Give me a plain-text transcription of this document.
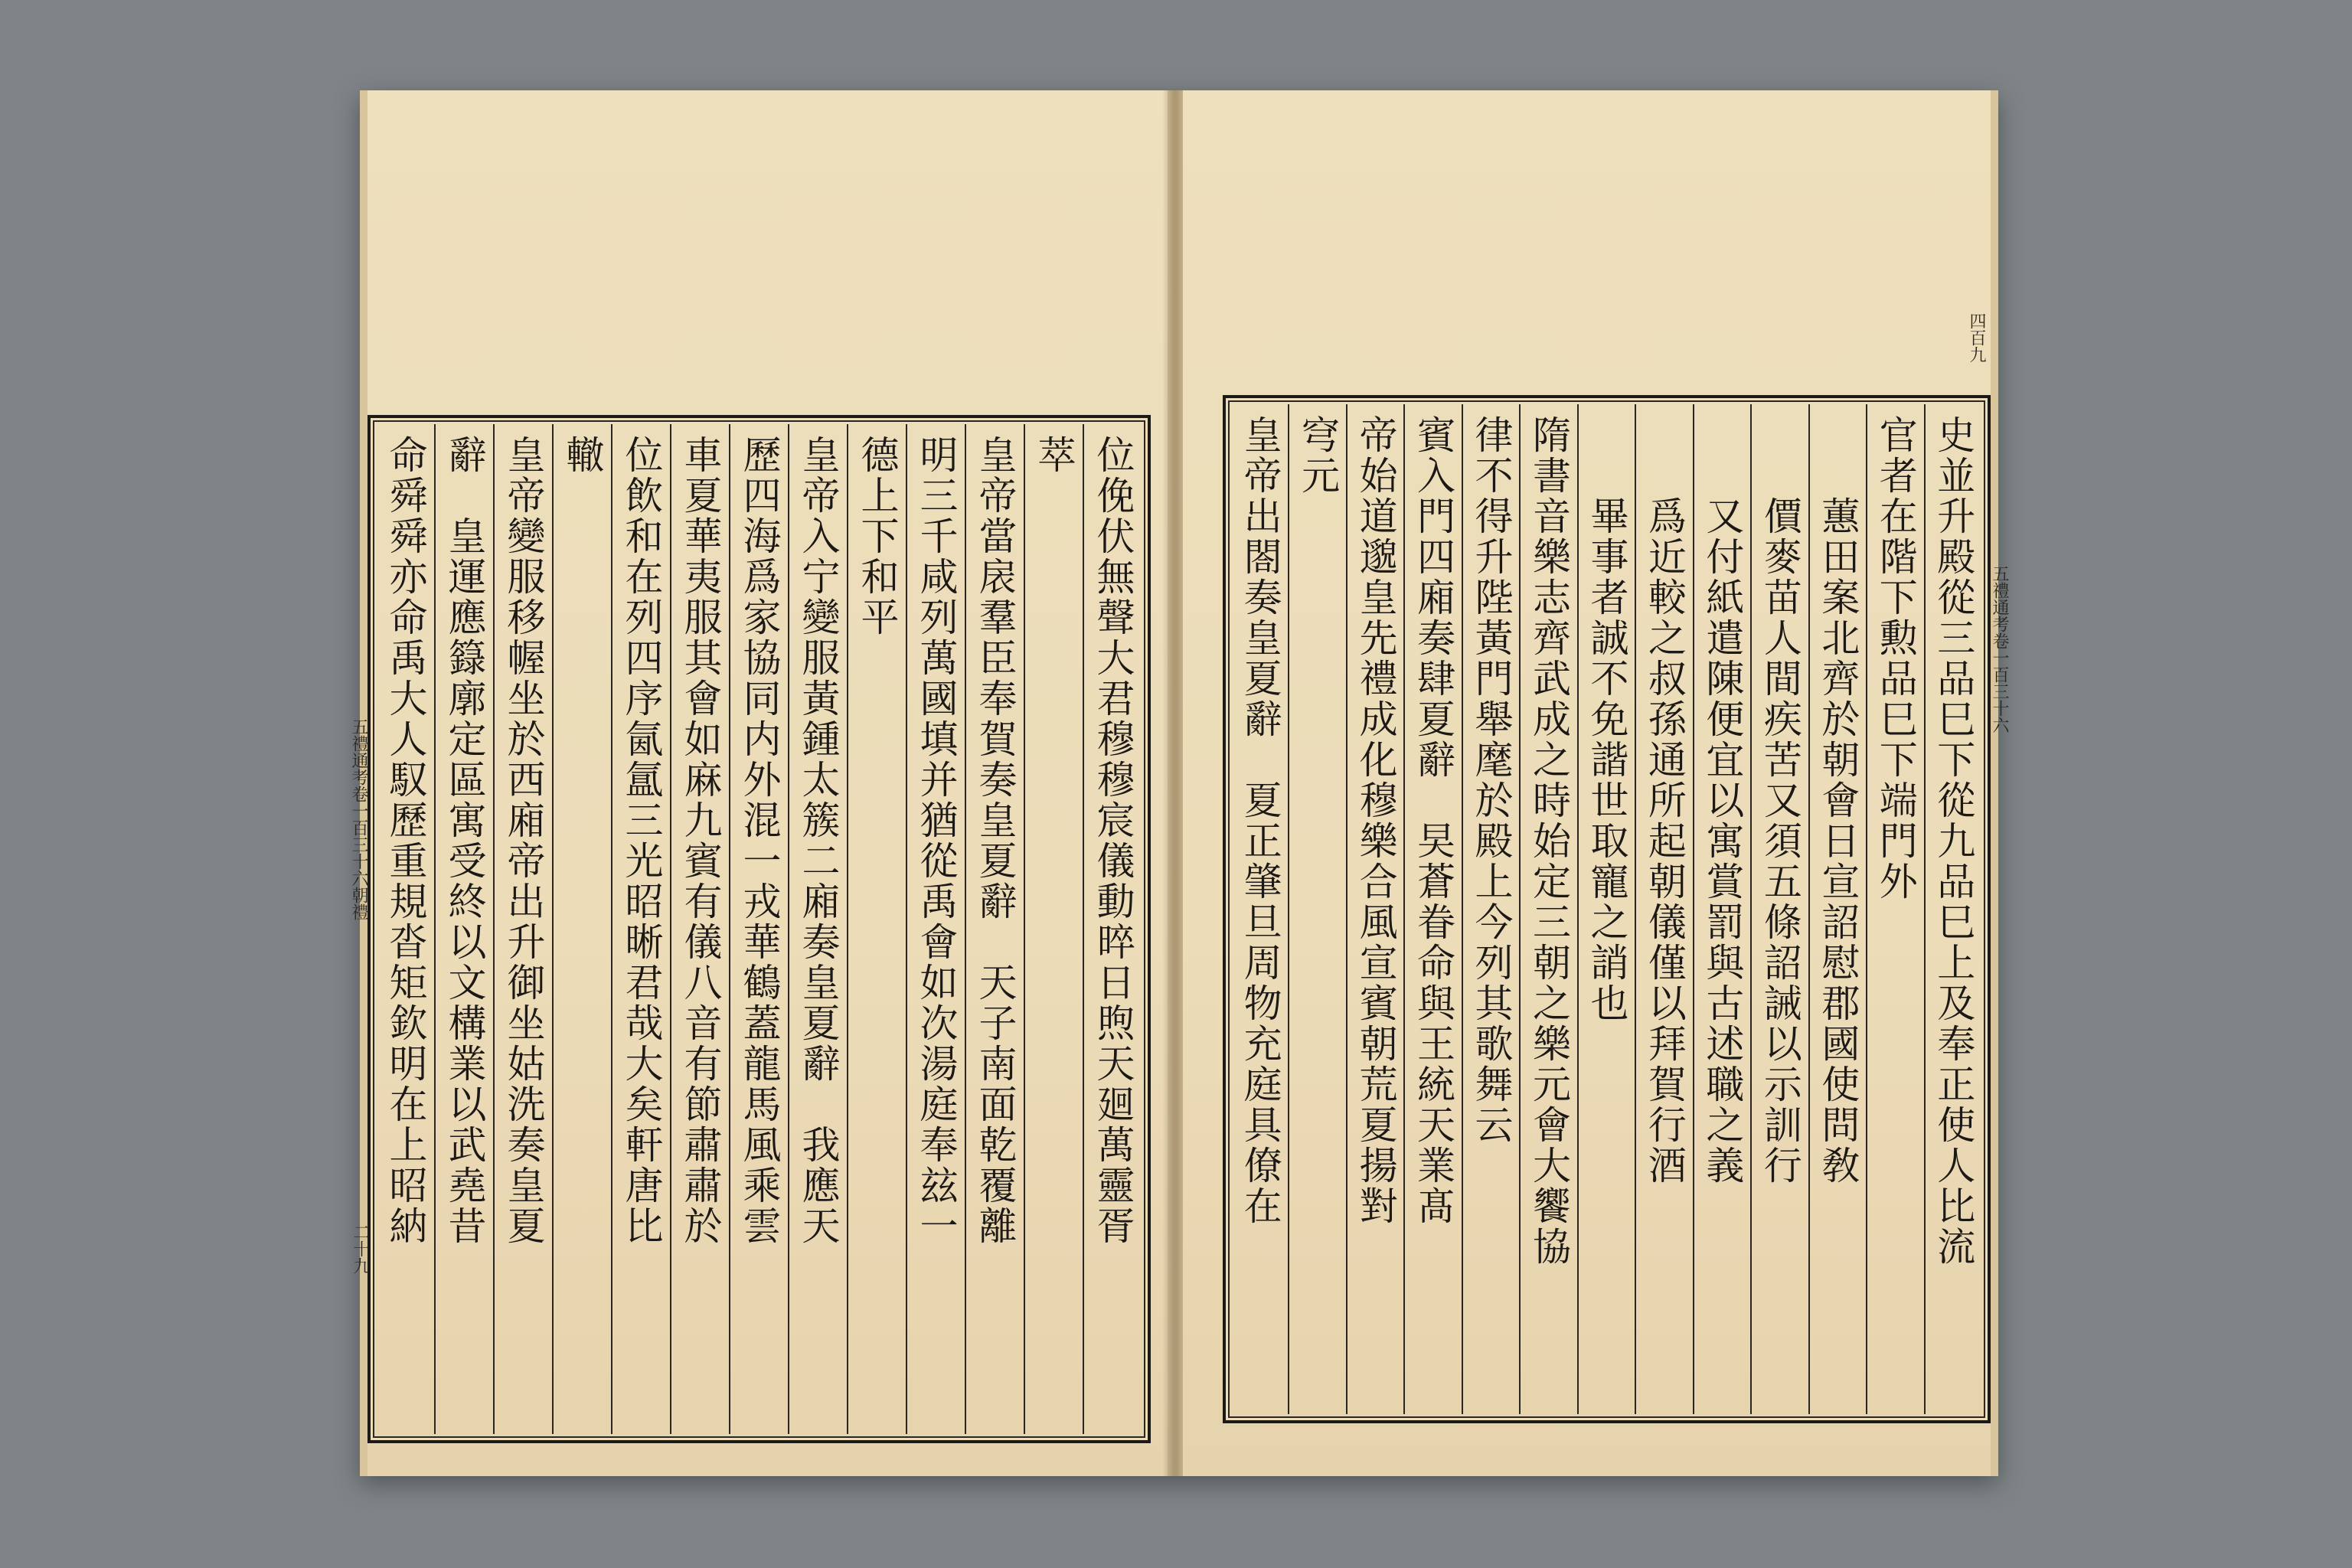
五禮通考卷一百三十六朝禮
二十九
位俛伏無聲大君穆穆宸儀動晬日煦天廻萬靈胥
萃
皇帝當扆羣臣奉賀奏皇夏辭　天子南面乾覆離
明三千咸列萬國填并猶從禹會如次湯庭奉玆一
德上下和平
皇帝入宁變服黃鍾太簇二廂奏皇夏辭　我應天
歷四海爲家協同内外混一戎華鶴蓋龍馬風乘雲
車夏華夷服其會如麻九賓有儀八音有節肅肅於
位飲和在列四序氤氲三光昭晰君哉大矣軒唐比
轍
皇帝變服移幄坐於西廂帝出升御坐姑洗奏皇夏
辭　皇運應籙廓定區寓受終以文構業以武堯昔
命舜舜亦命禹大人馭歷重規沓矩欽明在上昭納	五禮通考卷一百三十六
四百九
史並升殿從三品巳下從九品巳上及奉正使人比流
官者在階下勲品巳下端門外
　　蕙田案北齊於朝會日宣詔慰郡國使問敎
　　價麥苗人間疾苦又須五條詔誡以示訓行
　　又付紙遣陳便宜以寓賞罰與古述職之義
　　爲近較之叔孫通所起朝儀僅以拜賀行酒
　　畢事者誠不免諧世取寵之誚也
隋書音樂志齊武成之時始定三朝之樂元會大饗協
律不得升陛黃門舉麾於殿上今列其歌舞云
賓入門四廂奏肆夏辭　旲蒼眷命與王統天業髙
帝始道邈皇先禮成化穆樂合風宣賓朝荒夏揚對
穹元
皇帝出閤奏皇夏辭　夏正肇旦周物充庭具僚在
